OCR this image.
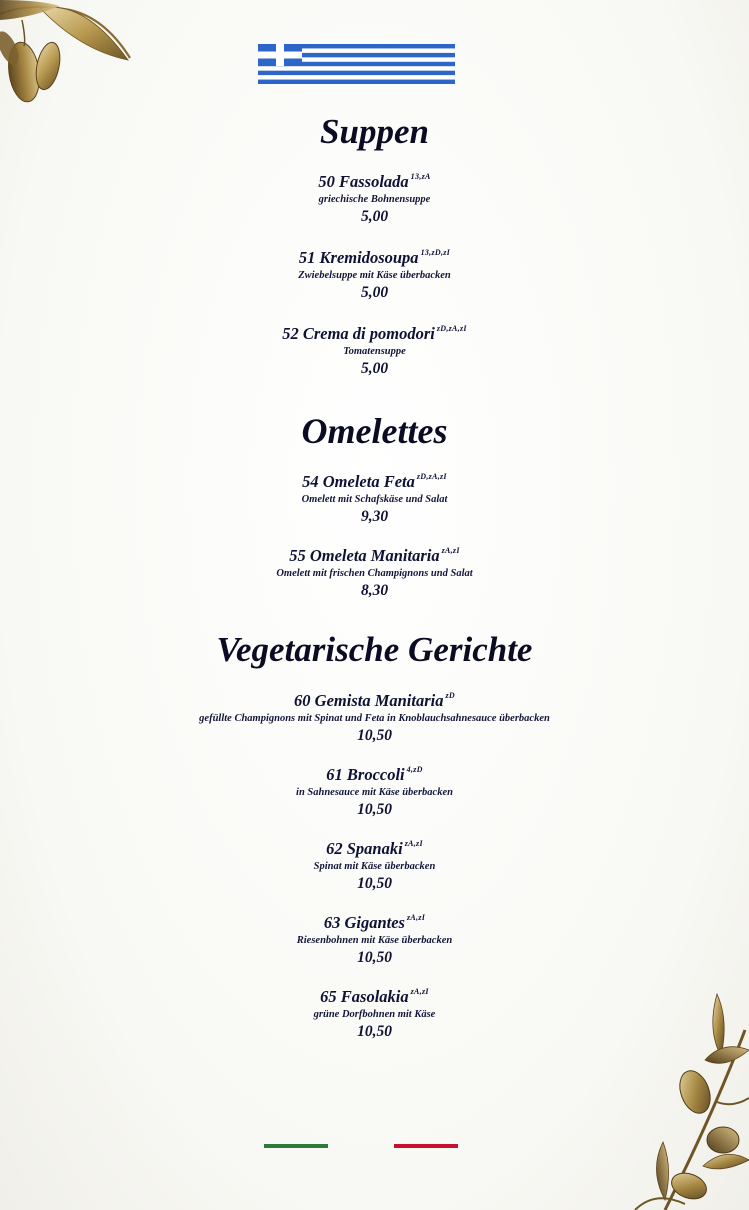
Suppen
50 Fassolada $^{13,zA}$
griechische Bohnensuppe
5,00
51 Kremidosoupa $^{13,zD,zI}$
Zwiebelsuppe mit Käse überbacken
5,00
52 Crema di pomodori $^{zD,zA,zI}$
Tomatensuppe
5,00
Omelettes
54 Omeleta Feta $^{zD,zA,zI}$
Omelett mit Schafskäse und Salat
9,30
55 Omeleta Manitaria $^{zA,zI}$
Omelett mit frischen Champignons und Salat
8,30
Vegetarische Gerichte
60 Gemista Manitaria $^{zD}$
gefüllte Champignons mit Spinat und Feta in Knoblauchsahnesauce überbacken
10,50
61 Broccoli $^{4,zD}$
in Sahnesauce mit Käse überbacken
10,50
62 Spanaki $^{zA,zI}$
Spinat mit Käse überbacken
10,50
63 Gigantes $^{zA,zI}$
Riesenbohnen mit Käse überbacken
10,50
65 Fasolakia $^{zA,zI}$
grüne Dorfbohnen mit Käse
10,50
